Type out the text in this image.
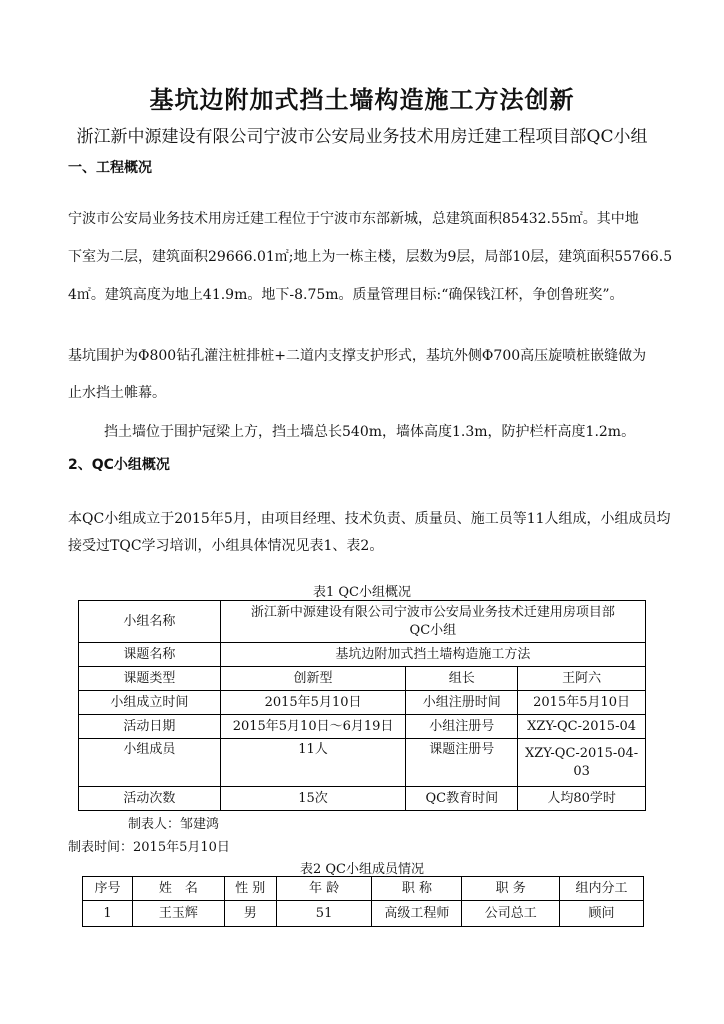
基坑边附加式挡土墙构造施工方法创新
浙江新中源建设有限公司宁波市公安局业务技术用房迁建工程项目部QC小组
一、工程概况
宁波市公安局业务技术用房迁建工程位于宁波市东部新城，总建筑面积85432.55㎡。其中地
下室为二层，建筑面积29666.01㎡;地上为一栋主楼，层数为9层，局部10层，建筑面积55766.5
4㎡。建筑高度为地上41.9m。地下-8.75m。质量管理目标:“确保钱江杯，争创鲁班奖”。
基坑围护为Φ800钻孔灌注桩排桩+二道内支撑支护形式，基坑外侧Φ700高压旋喷桩嵌缝做为
止水挡土帷幕。
挡土墙位于围护冠梁上方，挡土墙总长540m，墙体高度1.3m，防护栏杆高度1.2m。
2、QC小组概况
本QC小组成立于2015年5月，由项目经理、技术负责、质量员、施工员等11人组成，小组成员均
接受过TQC学习培训，小组具体情况见表1、表2。
表1 QC小组概况
小组名称	浙江新中源建设有限公司宁波市公安局业务技术迁建用房项目部
QC小组		

课题名称	基坑边附加式挡土墙构造施工方法		
课题类型	创新型	组长	王阿六
小组成立时间	2015年5月10日	小组注册时间	2015年5月10日
活动日期	2015年5月10日～6月19日	小组注册号	XZY-QC-2015-04
小组成员	11人	课题注册号	XZY-QC-2015-04-
03

活动次数	15次	QC教育时间	人均80学时
制表人：邹建鸿
制表时间：2015年5月10日
表2 QC小组成员情况
序号	姓　名	性 别	年 龄	职 称	职 务	组内分工
1	王玉辉	男	51	高级工程师	公司总工	顾问
